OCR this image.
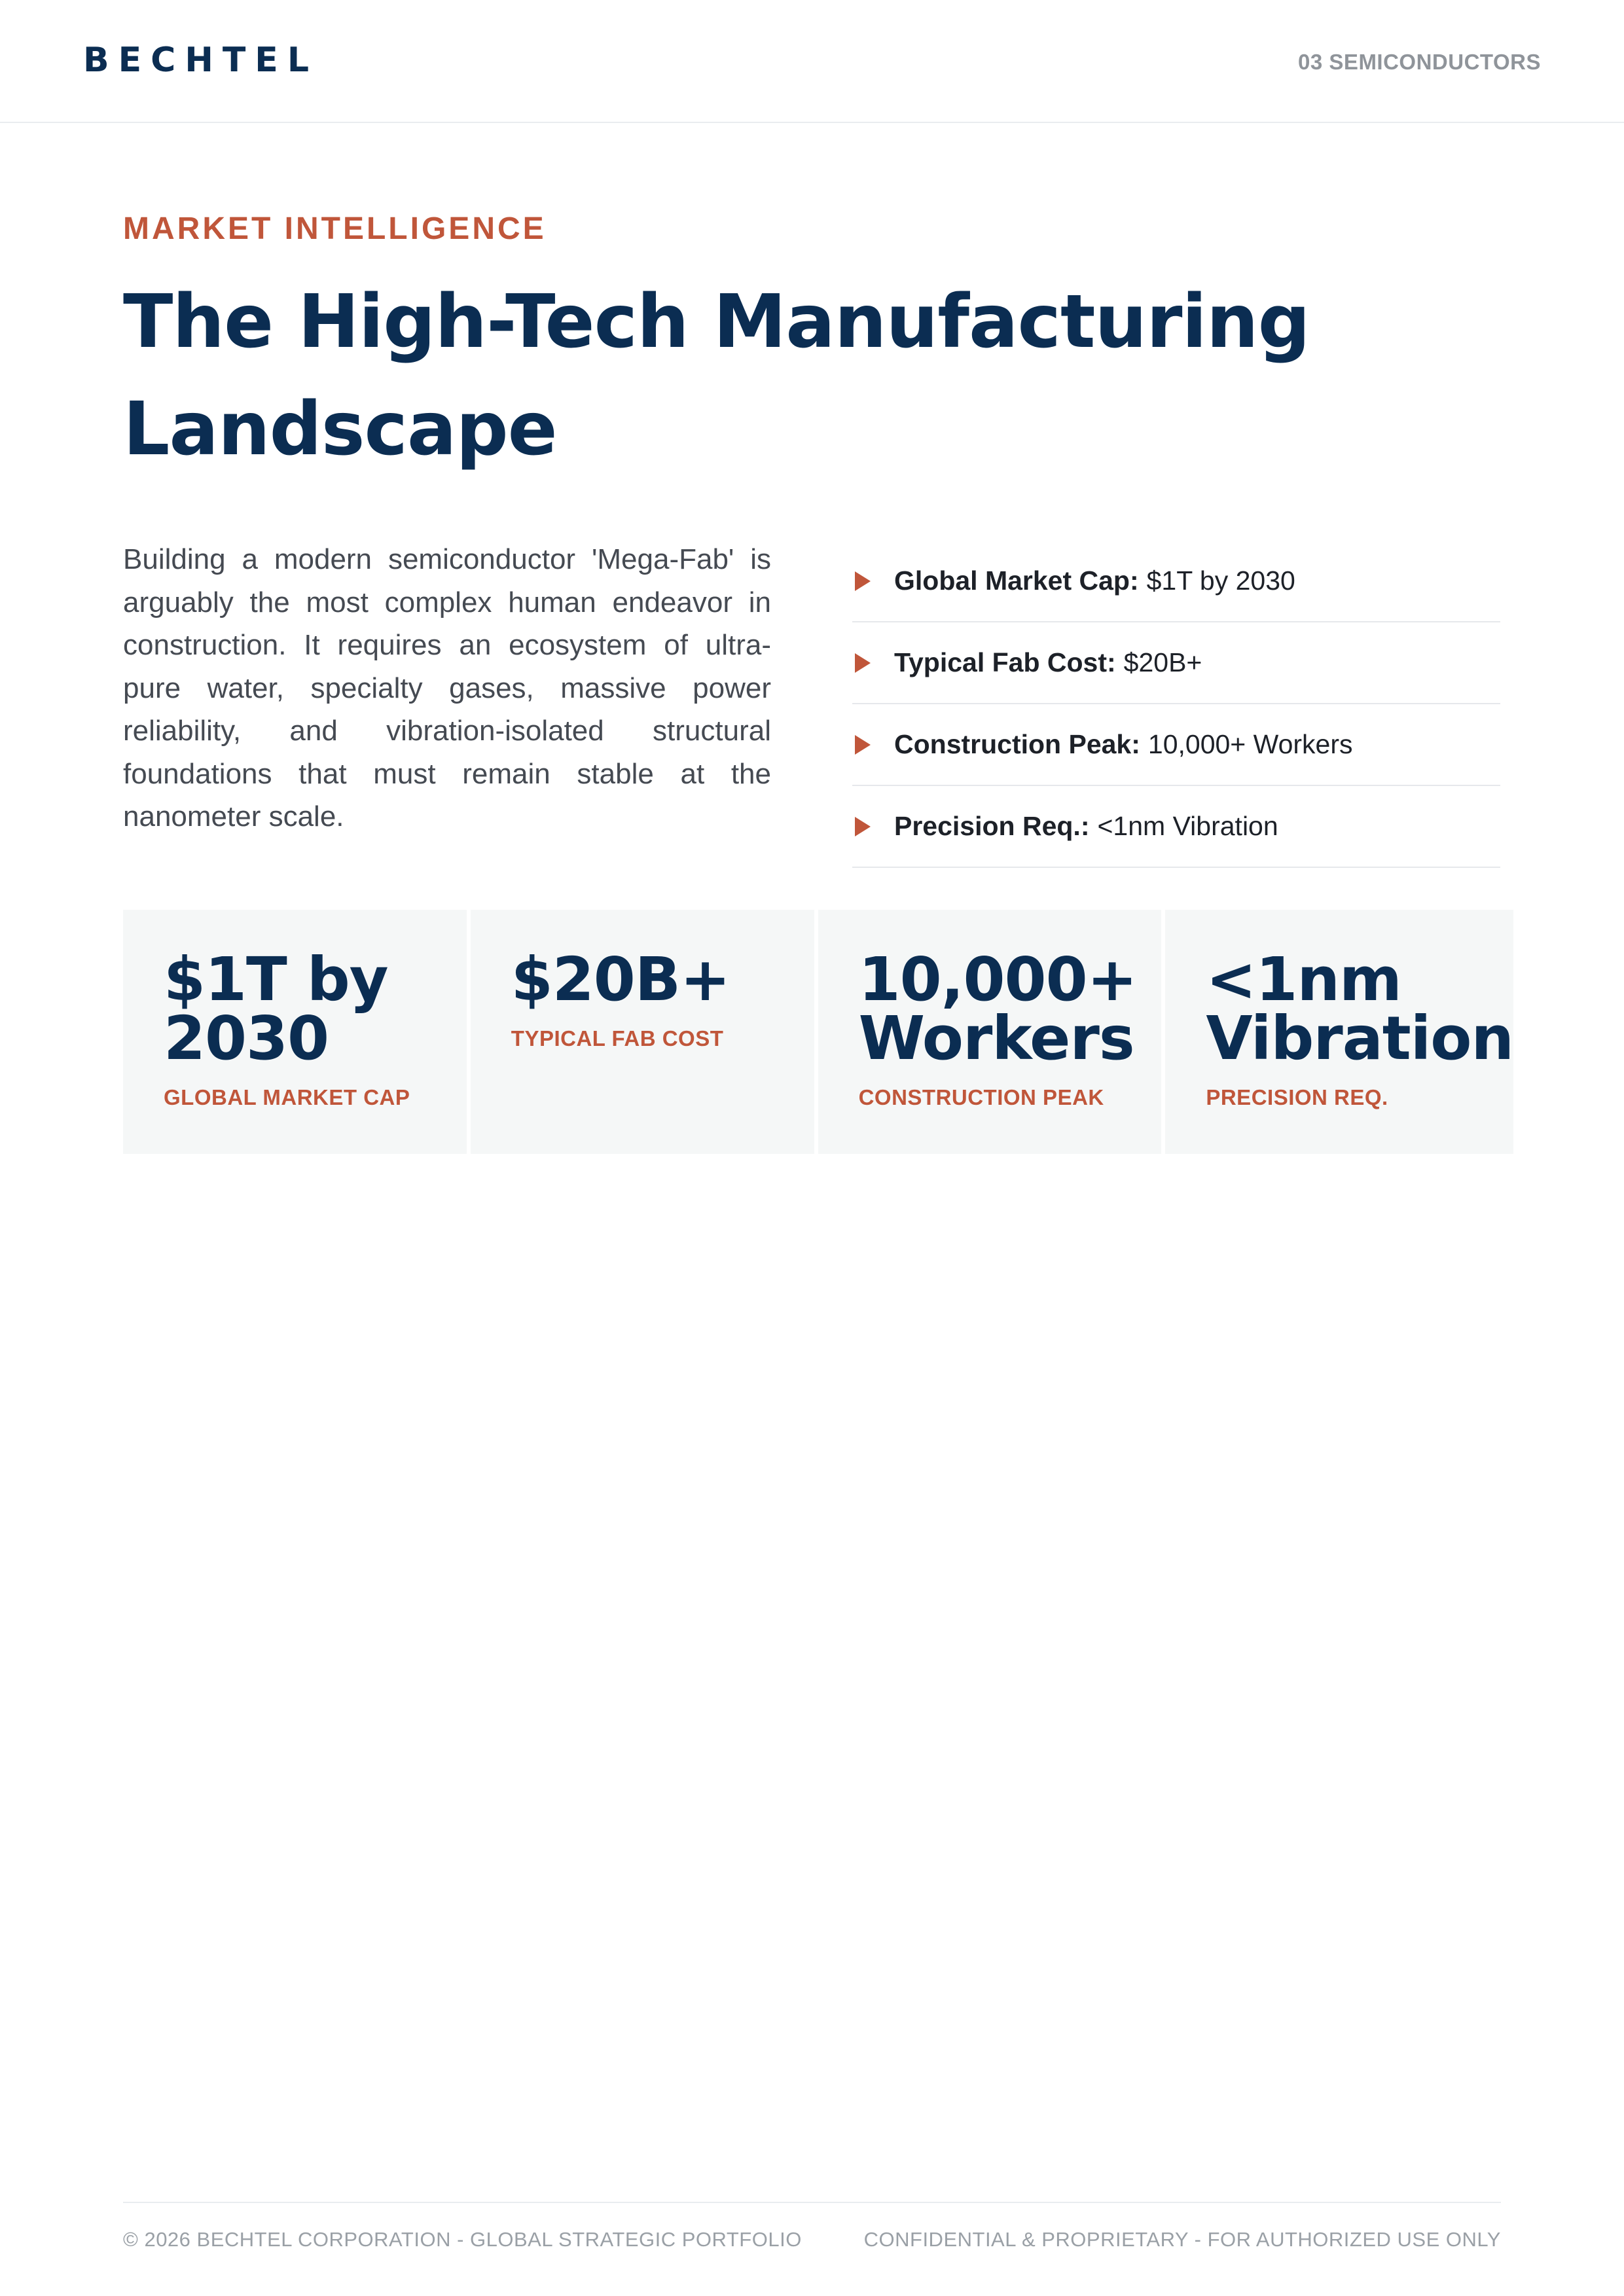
BECHTEL	03 SEMICONDUCTORS
MARKET INTELLIGENCE
The High-Tech Manufacturing Landscape

Building a modern semiconductor 'Mega-Fab' is arguably the most complex human endeavor in construction. It requires an ecosystem of ultra-pure water, specialty gases, massive power reliability, and vibration-isolated structural foundations that must remain stable at the nanometer scale.

Global Market Cap: $1T by 2030
Typical Fab Cost: $20B+
Construction Peak: 10,000+ Workers
Precision Req.: <1nm Vibration
$1T by 2030
GLOBAL MARKET CAP
$20B+
TYPICAL FAB COST
10,000+ Workers
CONSTRUCTION PEAK
<1nm Vibration
PRECISION REQ.
© 2026 BECHTEL CORPORATION - GLOBAL STRATEGIC PORTFOLIO	CONFIDENTIAL & PROPRIETARY - FOR AUTHORIZED USE ONLY
